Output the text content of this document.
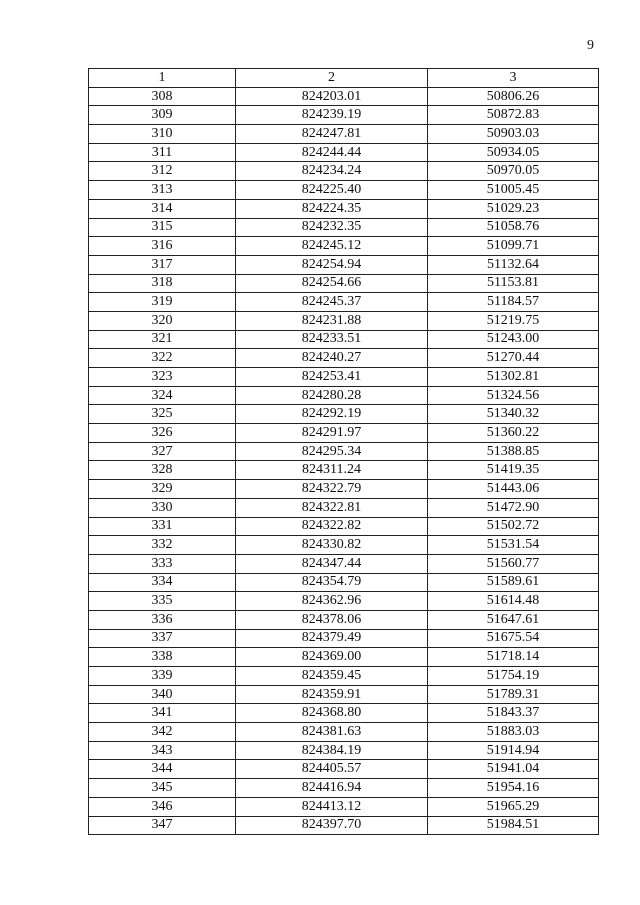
9
1	2	3
308	824203.01	50806.26
309	824239.19	50872.83
310	824247.81	50903.03
311	824244.44	50934.05
312	824234.24	50970.05
313	824225.40	51005.45
314	824224.35	51029.23
315	824232.35	51058.76
316	824245.12	51099.71
317	824254.94	51132.64
318	824254.66	51153.81
319	824245.37	51184.57
320	824231.88	51219.75
321	824233.51	51243.00
322	824240.27	51270.44
323	824253.41	51302.81
324	824280.28	51324.56
325	824292.19	51340.32
326	824291.97	51360.22
327	824295.34	51388.85
328	824311.24	51419.35
329	824322.79	51443.06
330	824322.81	51472.90
331	824322.82	51502.72
332	824330.82	51531.54
333	824347.44	51560.77
334	824354.79	51589.61
335	824362.96	51614.48
336	824378.06	51647.61
337	824379.49	51675.54
338	824369.00	51718.14
339	824359.45	51754.19
340	824359.91	51789.31
341	824368.80	51843.37
342	824381.63	51883.03
343	824384.19	51914.94
344	824405.57	51941.04
345	824416.94	51954.16
346	824413.12	51965.29
347	824397.70	51984.51
